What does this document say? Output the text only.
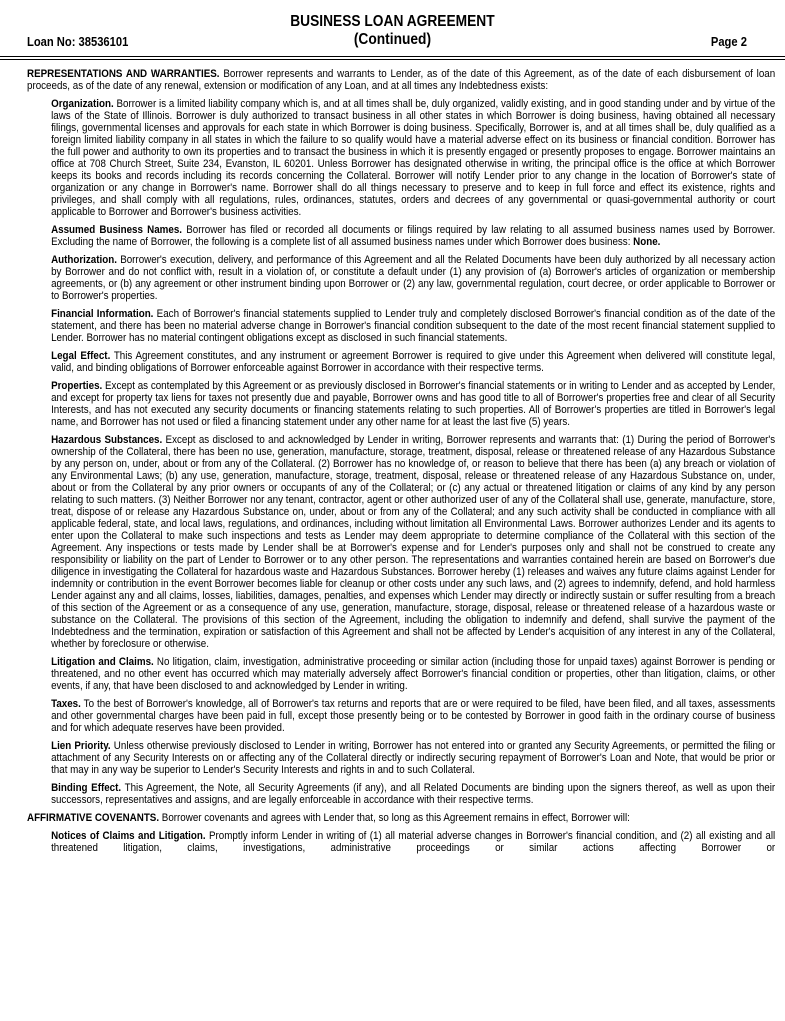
BUSINESS LOAN AGREEMENT
(Continued)
Loan No: 38536101	Page 2

REPRESENTATIONS AND WARRANTIES. Borrower represents and warrants to Lender, as of the date of this Agreement, as of the date of each disbursement of loan proceeds, as of the date of any renewal, extension or modification of any Loan, and at all times any Indebtedness exists:

Organization. Borrower is a limited liability company which is, and at all times shall be, duly organized, validly existing, and in good standing under and by virtue of the laws of the State of Illinois. Borrower is duly authorized to transact business in all other states in which Borrower is doing business, having obtained all necessary filings, governmental licenses and approvals for each state in which Borrower is doing business. Specifically, Borrower is, and at all times shall be, duly qualified as a foreign limited liability company in all states in which the failure to so qualify would have a material adverse effect on its business or financial condition. Borrower has the full power and authority to own its properties and to transact the business in which it is presently engaged or presently proposes to engage. Borrower maintains an office at 708 Church Street, Suite 234, Evanston, IL 60201. Unless Borrower has designated otherwise in writing, the principal office is the office at which Borrower keeps its books and records including its records concerning the Collateral. Borrower will notify Lender prior to any change in the location of Borrower's state of organization or any change in Borrower's name. Borrower shall do all things necessary to preserve and to keep in full force and effect its existence, rights and privileges, and shall comply with all regulations, rules, ordinances, statutes, orders and decrees of any governmental or quasi-governmental authority or court applicable to Borrower and Borrower's business activities.

Assumed Business Names. Borrower has filed or recorded all documents or filings required by law relating to all assumed business names used by Borrower. Excluding the name of Borrower, the following is a complete list of all assumed business names under which Borrower does business: None.

Authorization. Borrower's execution, delivery, and performance of this Agreement and all the Related Documents have been duly authorized by all necessary action by Borrower and do not conflict with, result in a violation of, or constitute a default under (1) any provision of (a) Borrower's articles of organization or membership agreements, or (b) any agreement or other instrument binding upon Borrower or (2) any law, governmental regulation, court decree, or order applicable to Borrower or to Borrower's properties.

Financial Information. Each of Borrower's financial statements supplied to Lender truly and completely disclosed Borrower's financial condition as of the date of the statement, and there has been no material adverse change in Borrower's financial condition subsequent to the date of the most recent financial statement supplied to Lender. Borrower has no material contingent obligations except as disclosed in such financial statements.

Legal Effect. This Agreement constitutes, and any instrument or agreement Borrower is required to give under this Agreement when delivered will constitute legal, valid, and binding obligations of Borrower enforceable against Borrower in accordance with their respective terms.

Properties. Except as contemplated by this Agreement or as previously disclosed in Borrower's financial statements or in writing to Lender and as accepted by Lender, and except for property tax liens for taxes not presently due and payable, Borrower owns and has good title to all of Borrower's properties free and clear of all Security Interests, and has not executed any security documents or financing statements relating to such properties. All of Borrower's properties are titled in Borrower's legal name, and Borrower has not used or filed a financing statement under any other name for at least the last five (5) years.

Hazardous Substances. Except as disclosed to and acknowledged by Lender in writing, Borrower represents and warrants that: (1) During the period of Borrower's ownership of the Collateral, there has been no use, generation, manufacture, storage, treatment, disposal, release or threatened release of any Hazardous Substance by any person on, under, about or from any of the Collateral. (2) Borrower has no knowledge of, or reason to believe that there has been (a) any breach or violation of any Environmental Laws; (b) any use, generation, manufacture, storage, treatment, disposal, release or threatened release of any Hazardous Substance on, under, about or from the Collateral by any prior owners or occupants of any of the Collateral; or (c) any actual or threatened litigation or claims of any kind by any person relating to such matters. (3) Neither Borrower nor any tenant, contractor, agent or other authorized user of any of the Collateral shall use, generate, manufacture, store, treat, dispose of or release any Hazardous Substance on, under, about or from any of the Collateral; and any such activity shall be conducted in compliance with all applicable federal, state, and local laws, regulations, and ordinances, including without limitation all Environmental Laws. Borrower authorizes Lender and its agents to enter upon the Collateral to make such inspections and tests as Lender may deem appropriate to determine compliance of the Collateral with this section of the Agreement. Any inspections or tests made by Lender shall be at Borrower's expense and for Lender's purposes only and shall not be construed to create any responsibility or liability on the part of Lender to Borrower or to any other person. The representations and warranties contained herein are based on Borrower's due diligence in investigating the Collateral for hazardous waste and Hazardous Substances. Borrower hereby (1) releases and waives any future claims against Lender for indemnity or contribution in the event Borrower becomes liable for cleanup or other costs under any such laws, and (2) agrees to indemnify, defend, and hold harmless Lender against any and all claims, losses, liabilities, damages, penalties, and expenses which Lender may directly or indirectly sustain or suffer resulting from a breach of this section of the Agreement or as a consequence of any use, generation, manufacture, storage, disposal, release or threatened release of a hazardous waste or substance on the Collateral. The provisions of this section of the Agreement, including the obligation to indemnify and defend, shall survive the payment of the Indebtedness and the termination, expiration or satisfaction of this Agreement and shall not be affected by Lender's acquisition of any interest in any of the Collateral, whether by foreclosure or otherwise.

Litigation and Claims. No litigation, claim, investigation, administrative proceeding or similar action (including those for unpaid taxes) against Borrower is pending or threatened, and no other event has occurred which may materially adversely affect Borrower's financial condition or properties, other than litigation, claims, or other events, if any, that have been disclosed to and acknowledged by Lender in writing.

Taxes. To the best of Borrower's knowledge, all of Borrower's tax returns and reports that are or were required to be filed, have been filed, and all taxes, assessments and other governmental charges have been paid in full, except those presently being or to be contested by Borrower in good faith in the ordinary course of business and for which adequate reserves have been provided.

Lien Priority. Unless otherwise previously disclosed to Lender in writing, Borrower has not entered into or granted any Security Agreements, or permitted the filing or attachment of any Security Interests on or affecting any of the Collateral directly or indirectly securing repayment of Borrower's Loan and Note, that would be prior or that may in any way be superior to Lender's Security Interests and rights in and to such Collateral.

Binding Effect. This Agreement, the Note, all Security Agreements (if any), and all Related Documents are binding upon the signers thereof, as well as upon their successors, representatives and assigns, and are legally enforceable in accordance with their respective terms.

AFFIRMATIVE COVENANTS. Borrower covenants and agrees with Lender that, so long as this Agreement remains in effect, Borrower will:

Notices of Claims and Litigation. Promptly inform Lender in writing of (1) all material adverse changes in Borrower's financial condition, and (2) all existing and all threatened litigation, claims, investigations, administrative proceedings or similar actions affecting Borrower or
